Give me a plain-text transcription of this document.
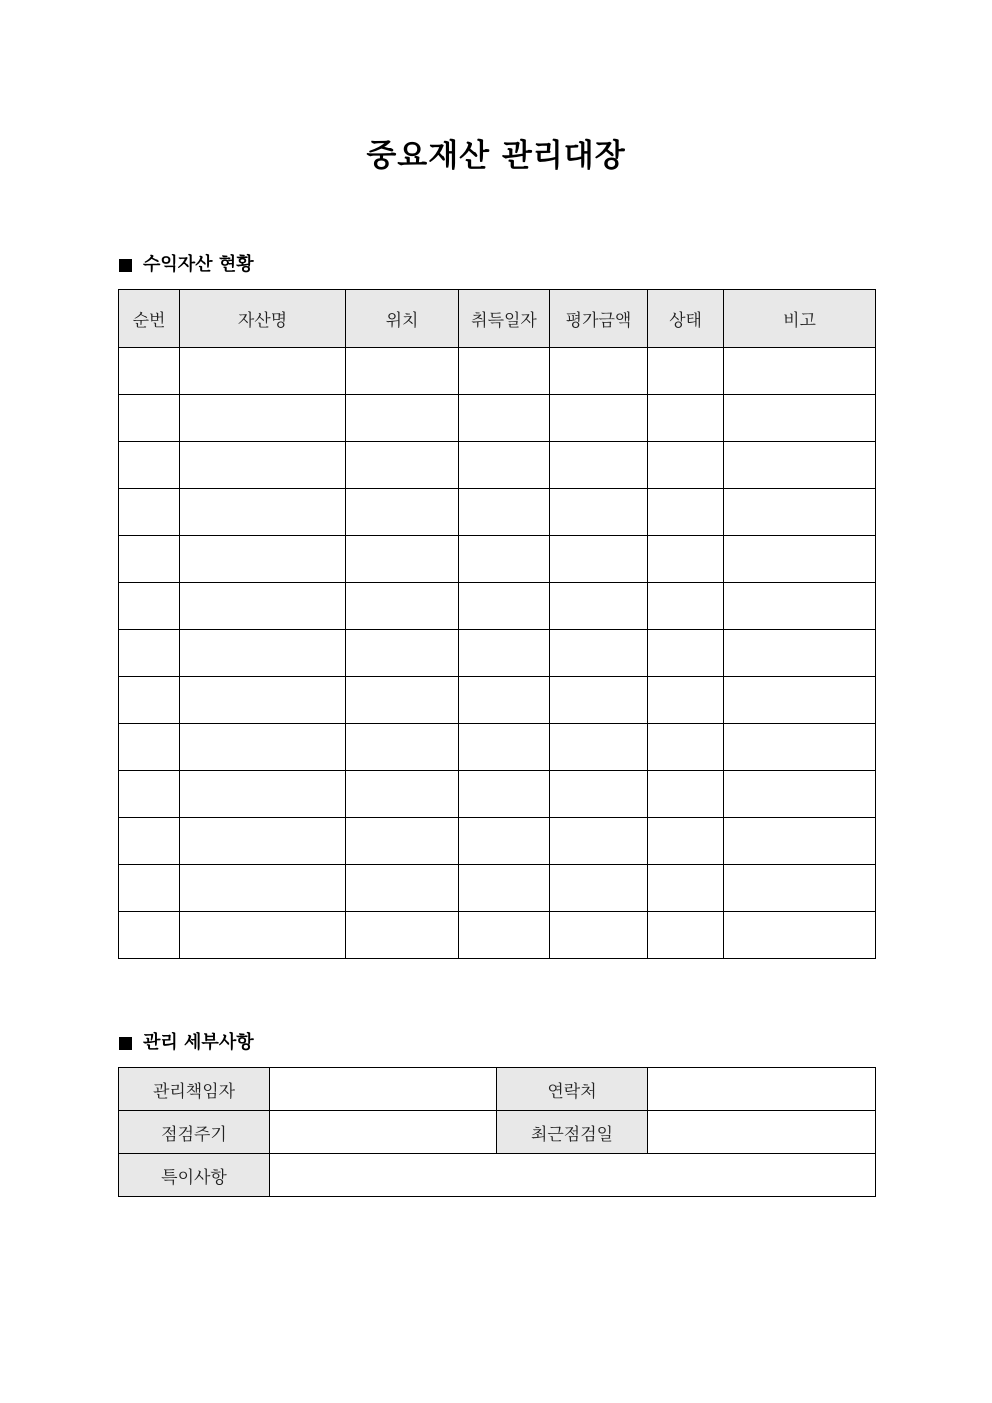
중요재산 관리대장
수익자산 현황
순번	자산명	위치	취득일자	평가금액	상태	비고

관리 세부사항
관리책임자		연락처	
점검주기		최근점검일	
특이사항			
